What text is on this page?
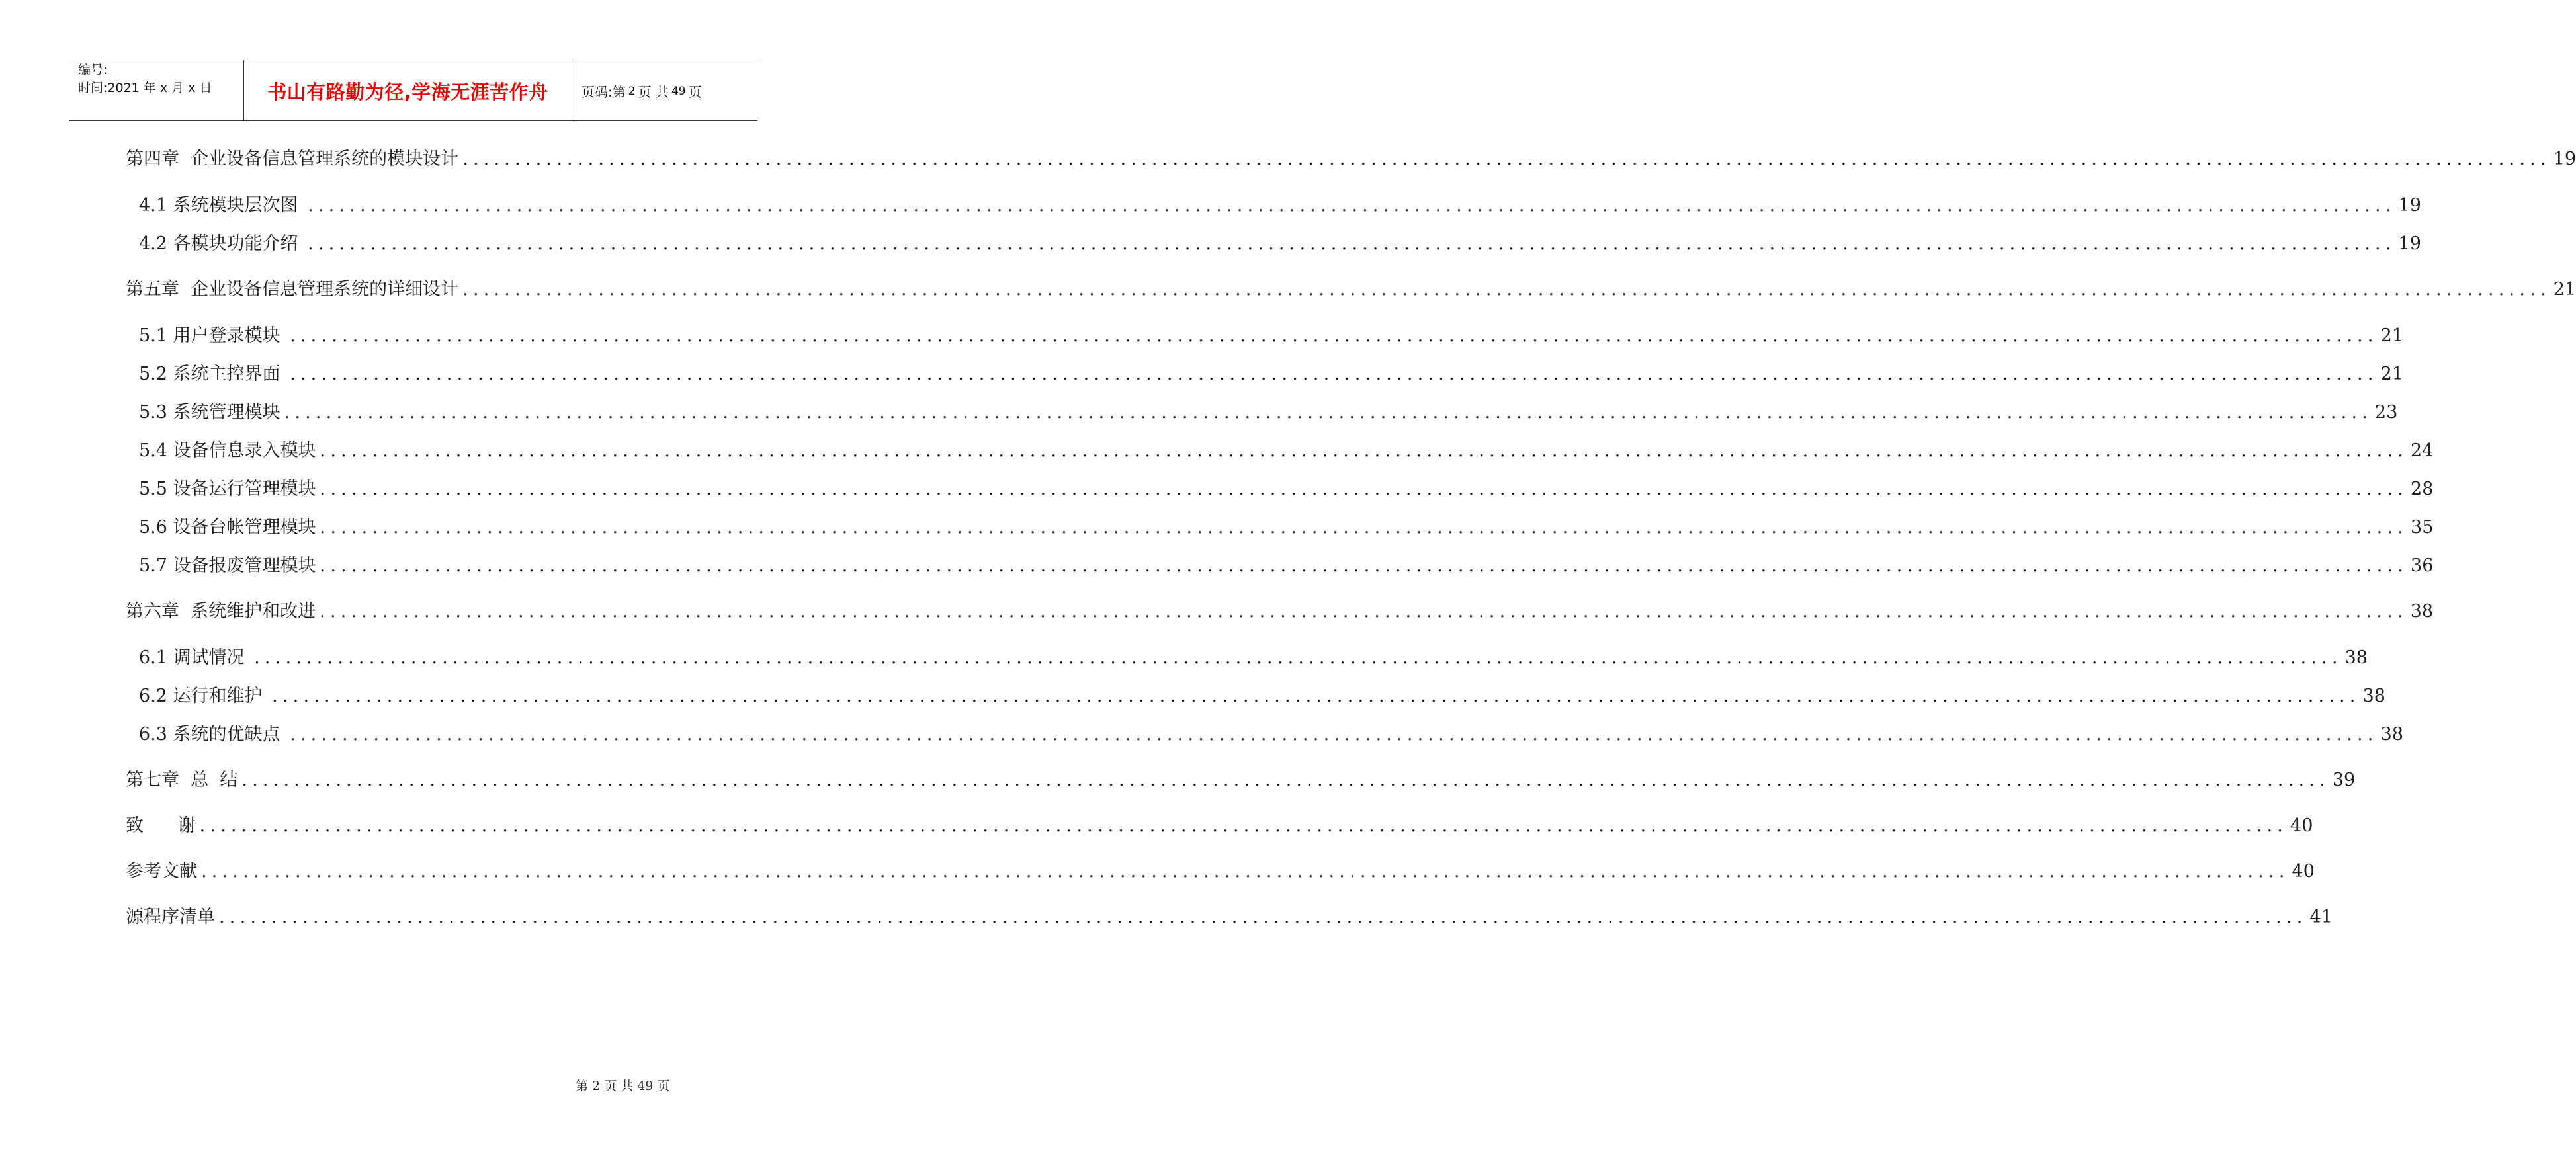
编号:
时间:2021 年 x 月 x 日	书山有路勤为径,学海无涯苦作舟	页码:第 2 页 共 49 页
第四章  企业设备信息管理系统的模块设计 ........................................................................................................................................................................................................ 19
4.1 系统模块层次图 ........................................................................................................................................................................................................ 19
4.2 各模块功能介绍 ........................................................................................................................................................................................................ 19
第五章  企业设备信息管理系统的详细设计 ........................................................................................................................................................................................................ 21
5.1 用户登录模块 ........................................................................................................................................................................................................ 21
5.2 系统主控界面 ........................................................................................................................................................................................................ 21
5.3 系统管理模块 ........................................................................................................................................................................................................ 23
5.4 设备信息录入模块 ........................................................................................................................................................................................................ 24
5.5 设备运行管理模块 ........................................................................................................................................................................................................ 28
5.6 设备台帐管理模块 ........................................................................................................................................................................................................ 35
5.7 设备报废管理模块 ........................................................................................................................................................................................................ 36
第六章  系统维护和改进 ........................................................................................................................................................................................................ 38
6.1 调试情况 ........................................................................................................................................................................................................ 38
6.2 运行和维护 ........................................................................................................................................................................................................ 38
6.3 系统的优缺点 ........................................................................................................................................................................................................ 38
第七章  总  结 ........................................................................................................................................................................................................ 39
致      谢 ........................................................................................................................................................................................................ 40
参考文献 ........................................................................................................................................................................................................ 40
源程序清单 ........................................................................................................................................................................................................ 41
第 2 页 共 49 页
